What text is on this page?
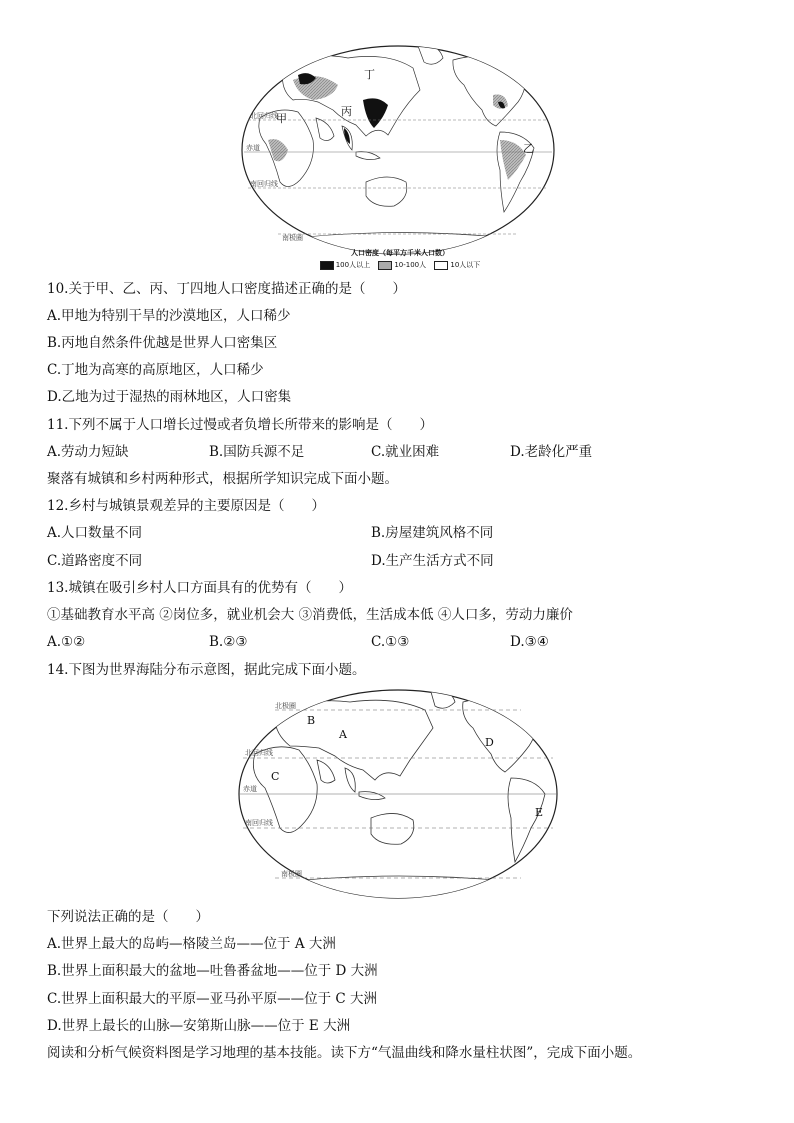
赤道
北回归线
南回归线
南极圈
甲
乙
丙
丁
人口密度（每平方千米人口数）
100人以上	10-100人	10人以下
10.关于甲、乙、丙、丁四地人口密度描述正确的是（　　）
A.甲地为特别干旱的沙漠地区，人口稀少
B.丙地自然条件优越是世界人口密集区
C.丁地为高寒的高原地区，人口稀少
D.乙地为过于湿热的雨林地区，人口密集
11.下列不属于人口增长过慢或者负增长所带来的影响是（　　）
A.劳动力短缺	B.国防兵源不足	C.就业困难	D.老龄化严重
聚落有城镇和乡村两种形式，根据所学知识完成下面小题。
12.乡村与城镇景观差异的主要原因是（　　）
A.人口数量不同	B.房屋建筑风格不同
C.道路密度不同	D.生产生活方式不同
13.城镇在吸引乡村人口方面具有的优势有（　　）
①基础教育水平高 ②岗位多，就业机会大 ③消费低，生活成本低 ④人口多，劳动力廉价
A.①②	B.②③	C.①③	D.③④
14.下图为世界海陆分布示意图，据此完成下面小题。
赤道
北回归线
南回归线
北极圈
南极圈
B
A
C
D
E
下列说法正确的是（　　）
A.世界上最大的岛屿—格陵兰岛——位于 A 大洲
B.世界上面积最大的盆地—吐鲁番盆地——位于 D 大洲
C.世界上面积最大的平原—亚马孙平原——位于 C 大洲
D.世界上最长的山脉—安第斯山脉——位于 E 大洲
阅读和分析气候资料图是学习地理的基本技能。读下方“气温曲线和降水量柱状图”，完成下面小题。
